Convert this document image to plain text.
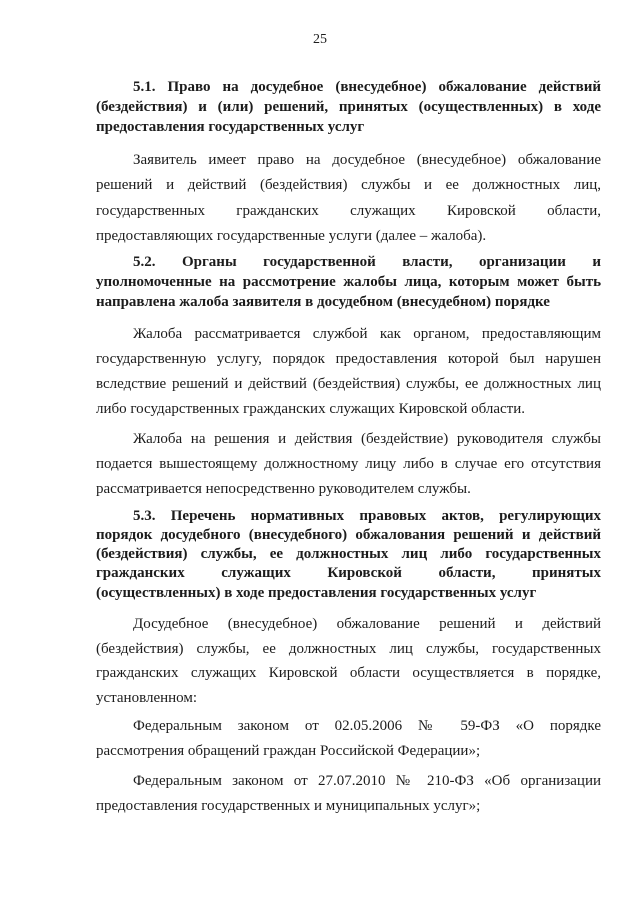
25
5.1. Право на досудебное (внесудебное) обжалование действий
(бездействия) и (или) решений, принятых (осуществленных) в ходе
предоставления государственных услуг
Заявитель имеет право на досудебное (внесудебное) обжалование
решений и действий (бездействия) службы и ее должностных лиц,
государственных гражданских служащих Кировской области,
предоставляющих государственные услуги (далее – жалоба).
5.2. Органы государственной власти, организации и
уполномоченные на рассмотрение жалобы лица, которым может быть
направлена жалоба заявителя в досудебном (внесудебном) порядке
Жалоба рассматривается службой как органом, предоставляющим
государственную услугу, порядок предоставления которой был нарушен
вследствие решений и действий (бездействия) службы, ее должностных лиц
либо государственных гражданских служащих Кировской области.
Жалоба на решения и действия (бездействие) руководителя службы
подается вышестоящему должностному лицу либо в случае его отсутствия
рассматривается непосредственно руководителем службы.
5.3. Перечень нормативных правовых актов, регулирующих
порядок досудебного (внесудебного) обжалования решений и действий
(бездействия) службы, ее должностных лиц либо государственных
гражданских служащих Кировской области, принятых
(осуществленных) в ходе предоставления государственных услуг
Досудебное (внесудебное) обжалование решений и действий
(бездействия) службы, ее должностных лиц службы, государственных
гражданских служащих Кировской области осуществляется в порядке,
установленном:
Федеральным законом от 02.05.2006 № 59-ФЗ «О порядке
рассмотрения обращений граждан Российской Федерации»;
Федеральным законом от 27.07.2010 № 210-ФЗ «Об организации
предоставления государственных и муниципальных услуг»;
